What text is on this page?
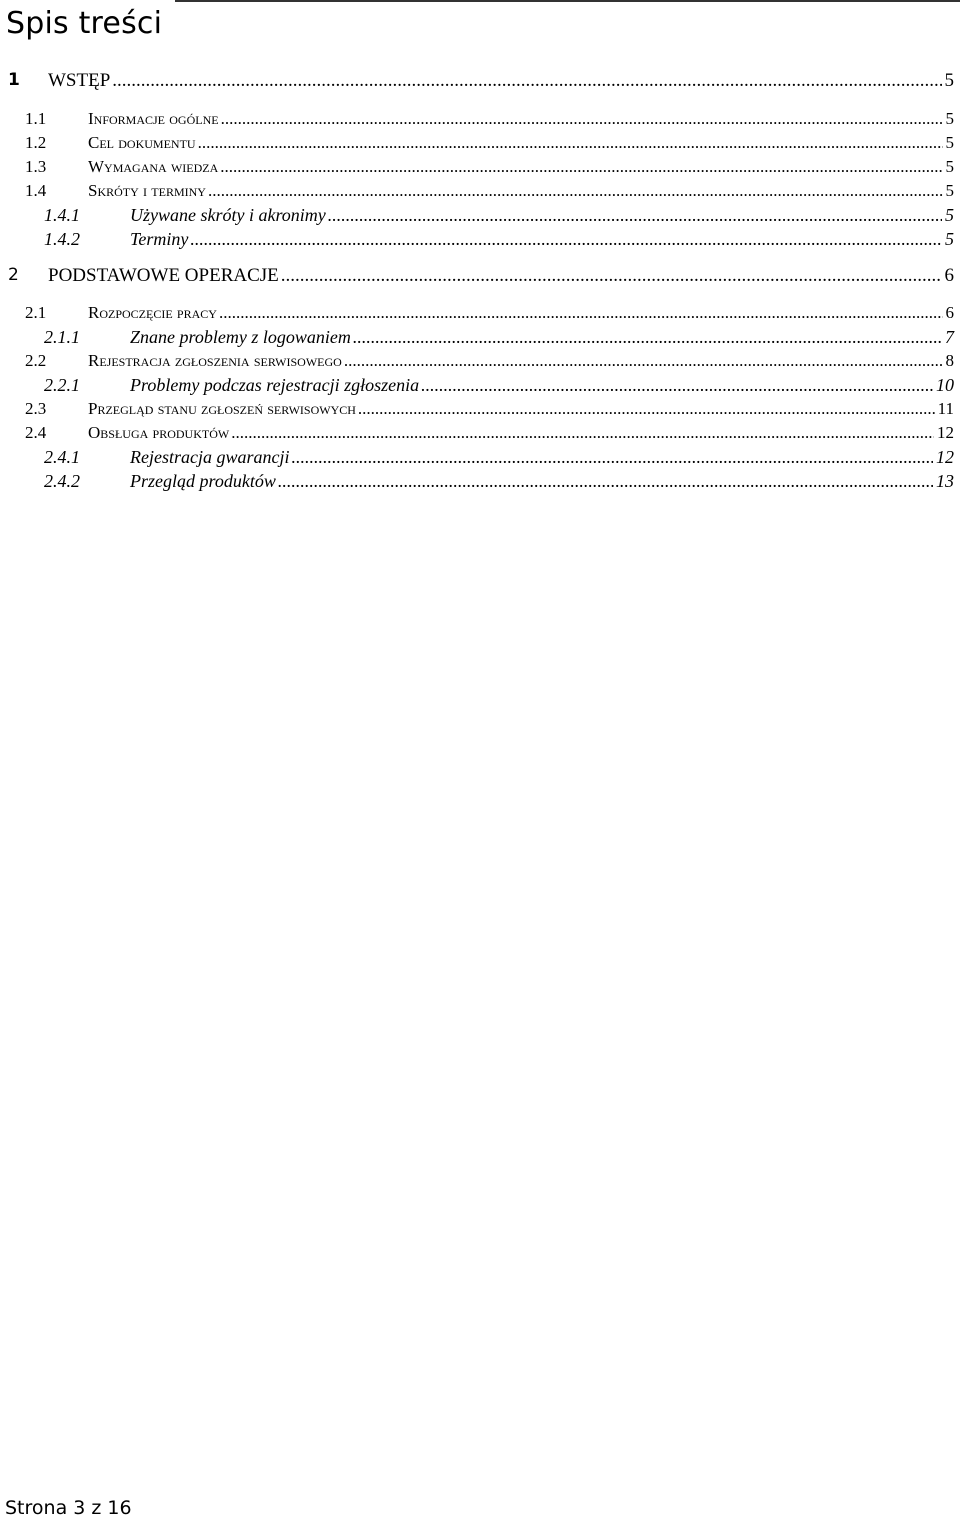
Spis treści
1 WSTĘP .....	5
1.1 Informacje ogólne .....	5
1.2 Cel dokumentu .....	5
1.3 Wymagana wiedza .....	5
1.4 Skróty i terminy .....	5
1.4.1	Używane skróty i akronimy .....	5
1.4.2	Terminy .....	5
2 PODSTAWOWE OPERACJE .....	6
2.1 Rozpoczęcie pracy .....	6
2.1.1	Znane problemy z logowaniem .....	7
2.2 Rejestracja zgłoszenia serwisowego .....	8
2.2.1	Problemy podczas rejestracji zgłoszenia .....	10
2.3 Przegląd stanu zgłoszeń serwisowych .....	11
2.4 Obsługa produktów .....	12
2.4.1	Rejestracja gwarancji .....	12
2.4.2	Przegląd produktów .....	13
Strona 3 z 16
